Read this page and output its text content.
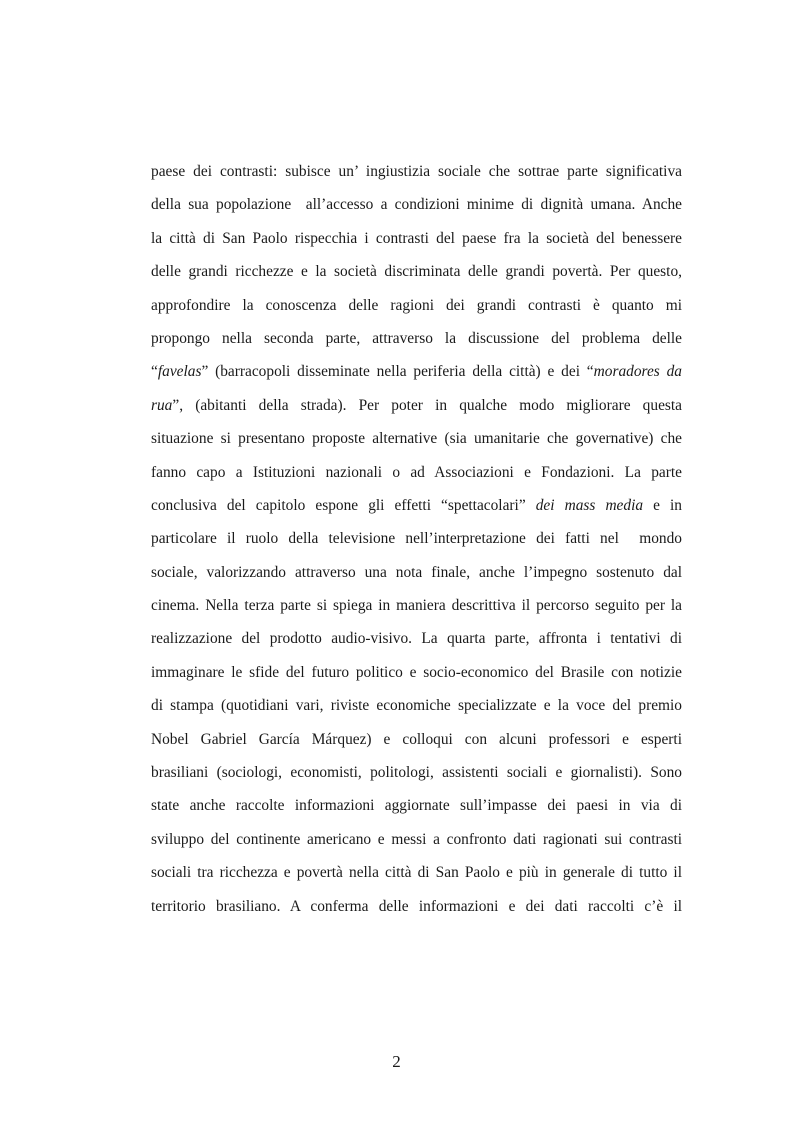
paese dei contrasti: subisce un’ ingiustizia sociale che sottrae parte significativa
della sua popolazione  all’accesso a condizioni minime di dignità umana. Anche
la città di San Paolo rispecchia i contrasti del paese fra la società del benessere
delle grandi ricchezze e la società discriminata delle grandi povertà. Per questo,
approfondire la conoscenza delle ragioni dei grandi contrasti è quanto mi
propongo nella seconda parte, attraverso la discussione del problema delle
“favelas” (barracopoli disseminate nella periferia della città) e dei “moradores da
rua”, (abitanti della strada). Per poter in qualche modo migliorare questa
situazione si presentano proposte alternative (sia umanitarie che governative) che
fanno capo a Istituzioni nazionali o ad Associazioni e Fondazioni. La parte
conclusiva del capitolo espone gli effetti “spettacolari” dei mass media e in
particolare il ruolo della televisione nell’interpretazione dei fatti nel  mondo
sociale, valorizzando attraverso una nota finale, anche l’impegno sostenuto dal
cinema. Nella terza parte si spiega in maniera descrittiva il percorso seguito per la
realizzazione del prodotto audio-visivo. La quarta parte, affronta i tentativi di
immaginare le sfide del futuro politico e socio-economico del Brasile con notizie
di stampa (quotidiani vari, riviste economiche specializzate e la voce del premio
Nobel Gabriel García Márquez) e colloqui con alcuni professori e esperti
brasiliani (sociologi, economisti, politologi, assistenti sociali e giornalisti). Sono
state anche raccolte informazioni aggiornate sull’impasse dei paesi in via di
sviluppo del continente americano e messi a confronto dati ragionati sui contrasti
sociali tra ricchezza e povertà nella città di San Paolo e più in generale di tutto il
territorio brasiliano. A conferma delle informazioni e dei dati raccolti c’è il
2
